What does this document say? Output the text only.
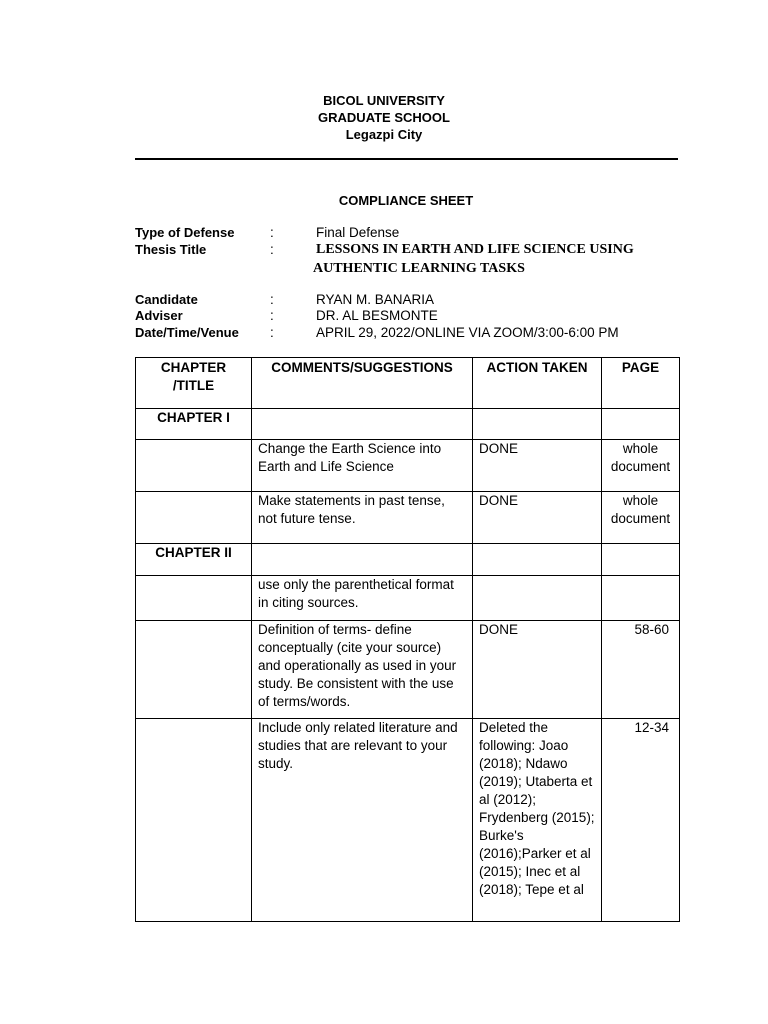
BICOL UNIVERSITY
GRADUATE SCHOOL
Legazpi City
COMPLIANCE SHEET
Type of Defense	:	Final Defense
Thesis Title	:	LESSONS IN EARTH AND LIFE SCIENCE USING
AUTHENTIC LEARNING TASKS
Candidate	:	RYAN M. BANARIA
Adviser	:	DR. AL BESMONTE
Date/Time/Venue :	APRIL 29, 2022/ONLINE VIA ZOOM/3:00-6:00 PM
CHAPTER
/TITLE	COMMENTS/SUGGESTIONS	ACTION TAKEN	PAGE
CHAPTER I			
	Change the Earth Science into Earth and Life Science	DONE	whole document
	Make statements in past tense, not future tense.	DONE	whole document
CHAPTER II			
	use only the parenthetical format in citing sources.		
	Definition of terms- define conceptually (cite your source) and operationally as used in your study. Be consistent with the use of terms/words.	DONE	58-60
	Include only related literature and studies that are relevant to your study.	Deleted the following: Joao (2018); Ndawo (2019); Utaberta et al (2012); Frydenberg (2015); Burke's (2016);Parker et al (2015); Inec et al (2018); Tepe et al	12-34
